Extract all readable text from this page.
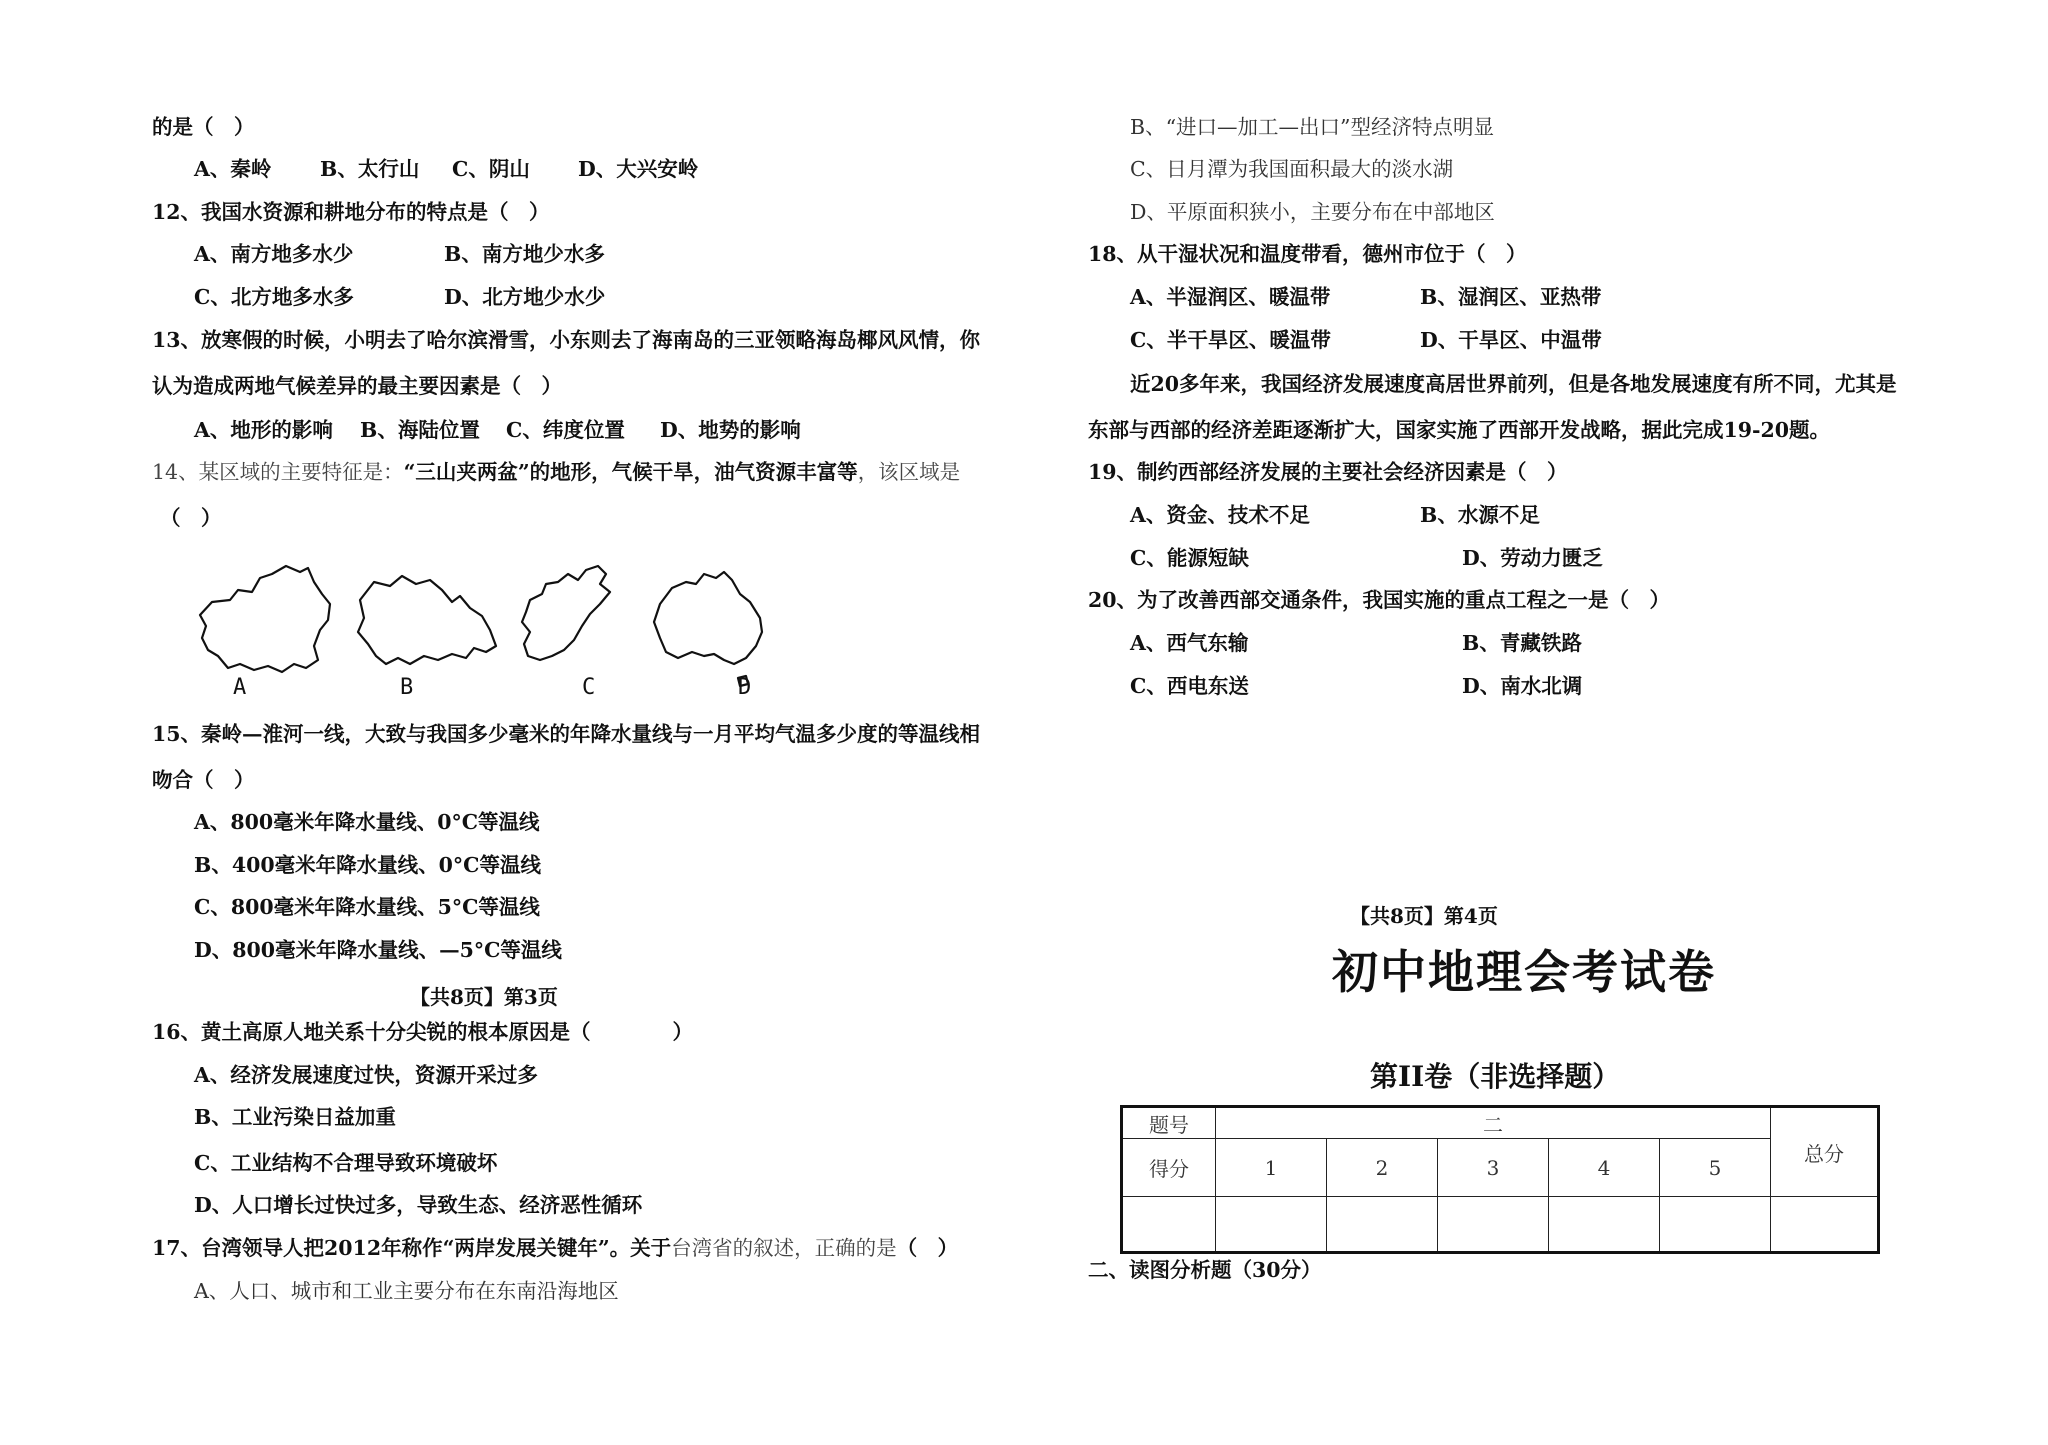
的是（　）
A、秦岭 B、太行山 C、阴山 D、大兴安岭
12、我国水资源和耕地分布的特点是（　）
A、南方地多水少	B、南方地少水多
C、北方地多水多	D、北方地少水少
13、放寒假的时候，小明去了哈尔滨滑雪，小东则去了海南岛的三亚领略海岛椰风风情，你
认为造成两地气候差异的最主要因素是（　）
A、地形的影响 B、海陆位置 C、纬度位置 D、地势的影响
14、某区域的主要特征是：“三山夹两盆”的地形，气候干旱，油气资源丰富等，该区域是
（　）
A	B	C	D
15、秦岭—淮河一线，大致与我国多少毫米的年降水量线与一月平均气温多少度的等温线相
吻合（　）
A、800毫米年降水量线、0°C等温线
B、400毫米年降水量线、0°C等温线
C、800毫米年降水量线、5°C等温线
D、800毫米年降水量线、—5°C等温线
【共8页】第3页
16、黄土高原人地关系十分尖锐的根本原因是（　　　　）
A、经济发展速度过快，资源开采过多
B、工业污染日益加重
C、工业结构不合理导致环境破坏
D、人口增长过快过多，导致生态、经济恶性循环
17、台湾领导人把2012年称作“两岸发展关键年”。关于台湾省的叙述，正确的是（　）
A、人口、城市和工业主要分布在东南沿海地区
B、“进口—加工—出口”型经济特点明显
C、日月潭为我国面积最大的淡水湖
D、平原面积狭小，主要分布在中部地区
18、从干湿状况和温度带看，德州市位于（　）
A、半湿润区、暖温带	B、湿润区、亚热带
C、半干旱区、暖温带	D、干旱区、中温带
近20多年来，我国经济发展速度高居世界前列，但是各地发展速度有所不同，尤其是
东部与西部的经济差距逐渐扩大，国家实施了西部开发战略，据此完成19-20题。
19、制约西部经济发展的主要社会经济因素是（　）
A、资金、技术不足	B、水源不足
C、能源短缺	D、劳动力匮乏
20、为了改善西部交通条件，我国实施的重点工程之一是（　）
A、西气东输	B、青藏铁路
C、西电东送	D、南水北调
【共8页】第4页
初中地理会考试卷
第II卷（非选择题）
题号	二					总分
得分	1	2	3	4	5	

二、读图分析题（30分）
